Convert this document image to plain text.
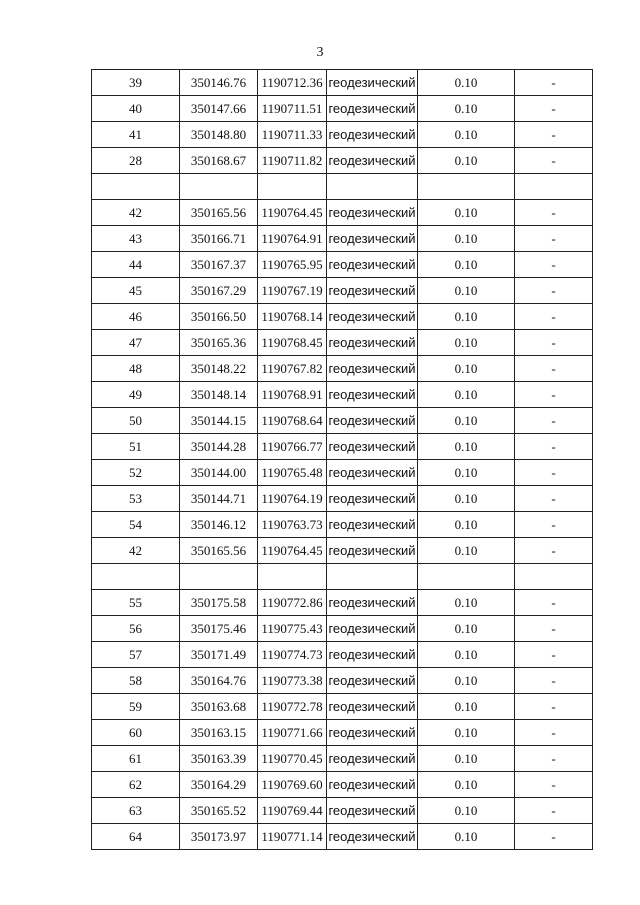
3
39	350146.76	1190712.36	геодезический	0.10	-
40	350147.66	1190711.51	геодезический	0.10	-
41	350148.80	1190711.33	геодезический	0.10	-
28	350168.67	1190711.82	геодезический	0.10	-

42	350165.56	1190764.45	геодезический	0.10	-
43	350166.71	1190764.91	геодезический	0.10	-
44	350167.37	1190765.95	геодезический	0.10	-
45	350167.29	1190767.19	геодезический	0.10	-
46	350166.50	1190768.14	геодезический	0.10	-
47	350165.36	1190768.45	геодезический	0.10	-
48	350148.22	1190767.82	геодезический	0.10	-
49	350148.14	1190768.91	геодезический	0.10	-
50	350144.15	1190768.64	геодезический	0.10	-
51	350144.28	1190766.77	геодезический	0.10	-
52	350144.00	1190765.48	геодезический	0.10	-
53	350144.71	1190764.19	геодезический	0.10	-
54	350146.12	1190763.73	геодезический	0.10	-
42	350165.56	1190764.45	геодезический	0.10	-

55	350175.58	1190772.86	геодезический	0.10	-
56	350175.46	1190775.43	геодезический	0.10	-
57	350171.49	1190774.73	геодезический	0.10	-
58	350164.76	1190773.38	геодезический	0.10	-
59	350163.68	1190772.78	геодезический	0.10	-
60	350163.15	1190771.66	геодезический	0.10	-
61	350163.39	1190770.45	геодезический	0.10	-
62	350164.29	1190769.60	геодезический	0.10	-
63	350165.52	1190769.44	геодезический	0.10	-
64	350173.97	1190771.14	геодезический	0.10	-
